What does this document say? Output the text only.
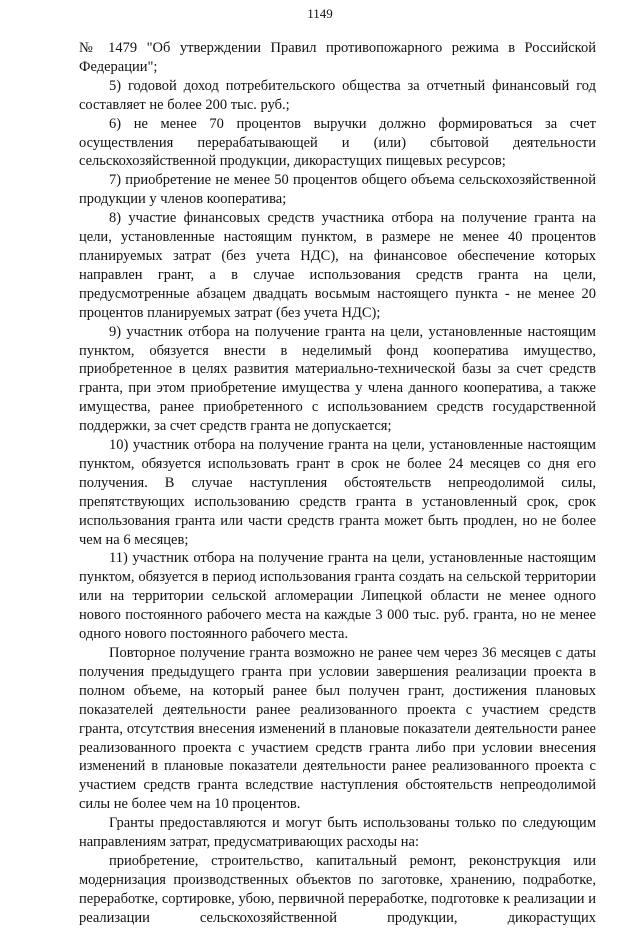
1149

№ 1479 "Об утверждении Правил противопожарного режима в Российской Федерации";

5) годовой доход потребительского общества за отчетный финансовый год составляет не более 200 тыс. руб.;

6) не менее 70 процентов выручки должно формироваться за счет осуществления перерабатывающей и (или) сбытовой деятельности сельскохозяйственной продукции, дикорастущих пищевых ресурсов;

7) приобретение не менее 50 процентов общего объема сельскохозяйственной продукции у членов кооператива;

8) участие финансовых средств участника отбора на получение гранта на цели, установленные настоящим пунктом, в размере не менее 40 процентов планируемых затрат (без учета НДС), на финансовое обеспечение которых направлен грант, а в случае использования средств гранта на цели, предусмотренные абзацем двадцать восьмым настоящего пункта - не менее 20 процентов планируемых затрат (без учета НДС);

9) участник отбора на получение гранта на цели, установленные настоящим пунктом, обязуется внести в неделимый фонд кооператива имущество, приобретенное в целях развития материально-технической базы за счет средств гранта, при этом приобретение имущества у члена данного кооператива, а также имущества, ранее приобретенного с использованием средств государственной поддержки, за счет средств гранта не допускается;

10) участник отбора на получение гранта на цели, установленные настоящим пунктом, обязуется использовать грант в срок не более 24 месяцев со дня его получения. В случае наступления обстоятельств непреодолимой силы, препятствующих использованию средств гранта в установленный срок, срок использования гранта или части средств гранта может быть продлен, но не более чем на 6 месяцев;

11) участник отбора на получение гранта на цели, установленные настоящим пунктом, обязуется в период использования гранта создать на сельской территории или на территории сельской агломерации Липецкой области не менее одного нового постоянного рабочего места на каждые 3 000 тыс. руб. гранта, но не менее одного нового постоянного рабочего места.

Повторное получение гранта возможно не ранее чем через 36 месяцев с даты получения предыдущего гранта при условии завершения реализации проекта в полном объеме, на который ранее был получен грант, достижения плановых показателей деятельности ранее реализованного проекта с участием средств гранта, отсутствия внесения изменений в плановые показатели деятельности ранее реализованного проекта с участием средств гранта либо при условии внесения изменений в плановые показатели деятельности ранее реализованного проекта с участием средств гранта вследствие наступления обстоятельств непреодолимой силы не более чем на 10 процентов.

Гранты предоставляются и могут быть использованы только по следующим направлениям затрат, предусматривающих расходы на:

приобретение, строительство, капитальный ремонт, реконструкция или модернизация производственных объектов по заготовке, хранению, подработке, переработке, сортировке, убою, первичной переработке, подготовке к реализации и реализации сельскохозяйственной продукции, дикорастущих
